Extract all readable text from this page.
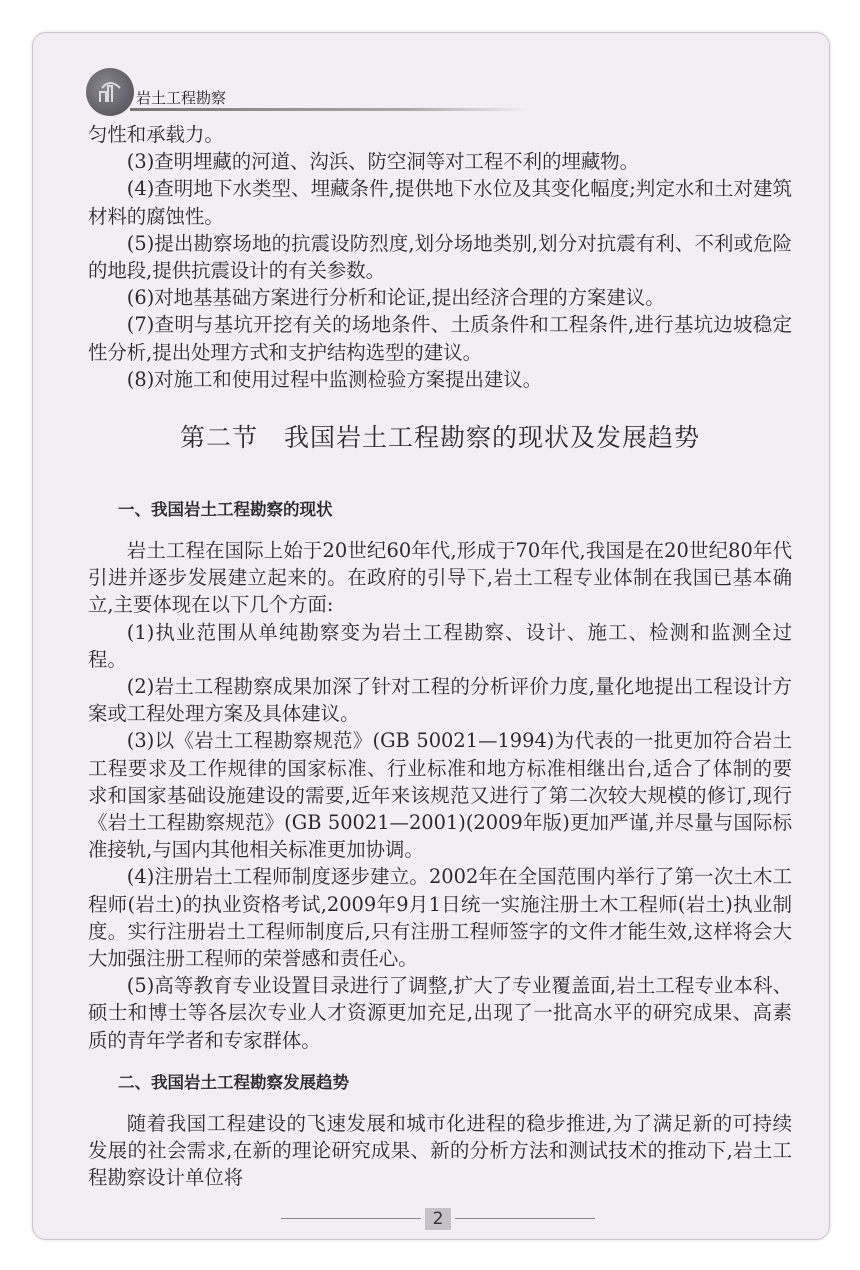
岩土工程勘察

匀性和承载力。

(3)查明埋藏的河道、沟浜、防空洞等对工程不利的埋藏物。

(4)查明地下水类型、埋藏条件,提供地下水位及其变化幅度;判定水和土对建筑材料的腐蚀性。

(5)提出勘察场地的抗震设防烈度,划分场地类别,划分对抗震有利、不利或危险的地段,提供抗震设计的有关参数。

(6)对地基基础方案进行分析和论证,提出经济合理的方案建议。

(7)查明与基坑开挖有关的场地条件、土质条件和工程条件,进行基坑边坡稳定性分析,提出处理方式和支护结构选型的建议。

(8)对施工和使用过程中监测检验方案提出建议。

第二节　我国岩土工程勘察的现状及发展趋势
一、我国岩土工程勘察的现状

岩土工程在国际上始于20世纪60年代,形成于70年代,我国是在20世纪80年代引进并逐步发展建立起来的。在政府的引导下,岩土工程专业体制在我国已基本确立,主要体现在以下几个方面:

(1)执业范围从单纯勘察变为岩土工程勘察、设计、施工、检测和监测全过程。

(2)岩土工程勘察成果加深了针对工程的分析评价力度,量化地提出工程设计方案或工程处理方案及具体建议。

(3)以《岩土工程勘察规范》(GB 50021—1994)为代表的一批更加符合岩土工程要求及工作规律的国家标准、行业标准和地方标准相继出台,适合了体制的要求和国家基础设施建设的需要,近年来该规范又进行了第二次较大规模的修订,现行《岩土工程勘察规范》(GB 50021—2001)(2009年版)更加严谨,并尽量与国际标准接轨,与国内其他相关标准更加协调。

(4)注册岩土工程师制度逐步建立。2002年在全国范围内举行了第一次土木工程师(岩土)的执业资格考试,2009年9月1日统一实施注册土木工程师(岩土)执业制度。实行注册岩土工程师制度后,只有注册工程师签字的文件才能生效,这样将会大大加强注册工程师的荣誉感和责任心。

(5)高等教育专业设置目录进行了调整,扩大了专业覆盖面,岩土工程专业本科、硕士和博士等各层次专业人才资源更加充足,出现了一批高水平的研究成果、高素质的青年学者和专家群体。

二、我国岩土工程勘察发展趋势

随着我国工程建设的飞速发展和城市化进程的稳步推进,为了满足新的可持续发展的社会需求,在新的理论研究成果、新的分析方法和测试技术的推动下,岩土工程勘察设计单位将

2
